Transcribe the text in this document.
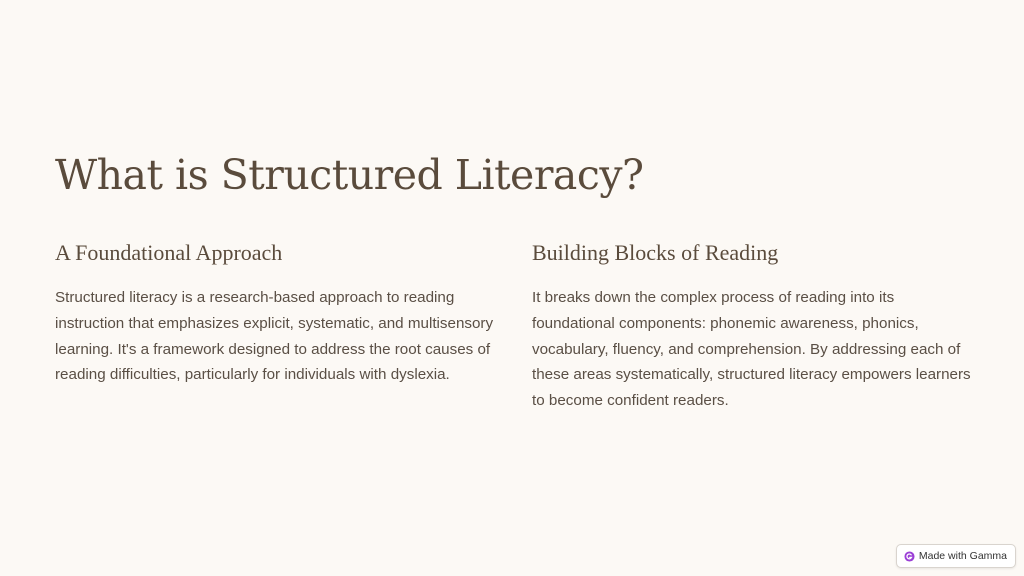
What is Structured Literacy?
A Foundational Approach

Structured literacy is a research-based approach to reading instruction that emphasizes explicit, systematic, and multisensory learning. It's a framework designed to address the root causes of reading difficulties, particularly for individuals with dyslexia.

Building Blocks of Reading

It breaks down the complex process of reading into its foundational components: phonemic awareness, phonics, vocabulary, fluency, and comprehension. By addressing each of these areas systematically, structured literacy empowers learners to become confident readers.

Made with Gamma
